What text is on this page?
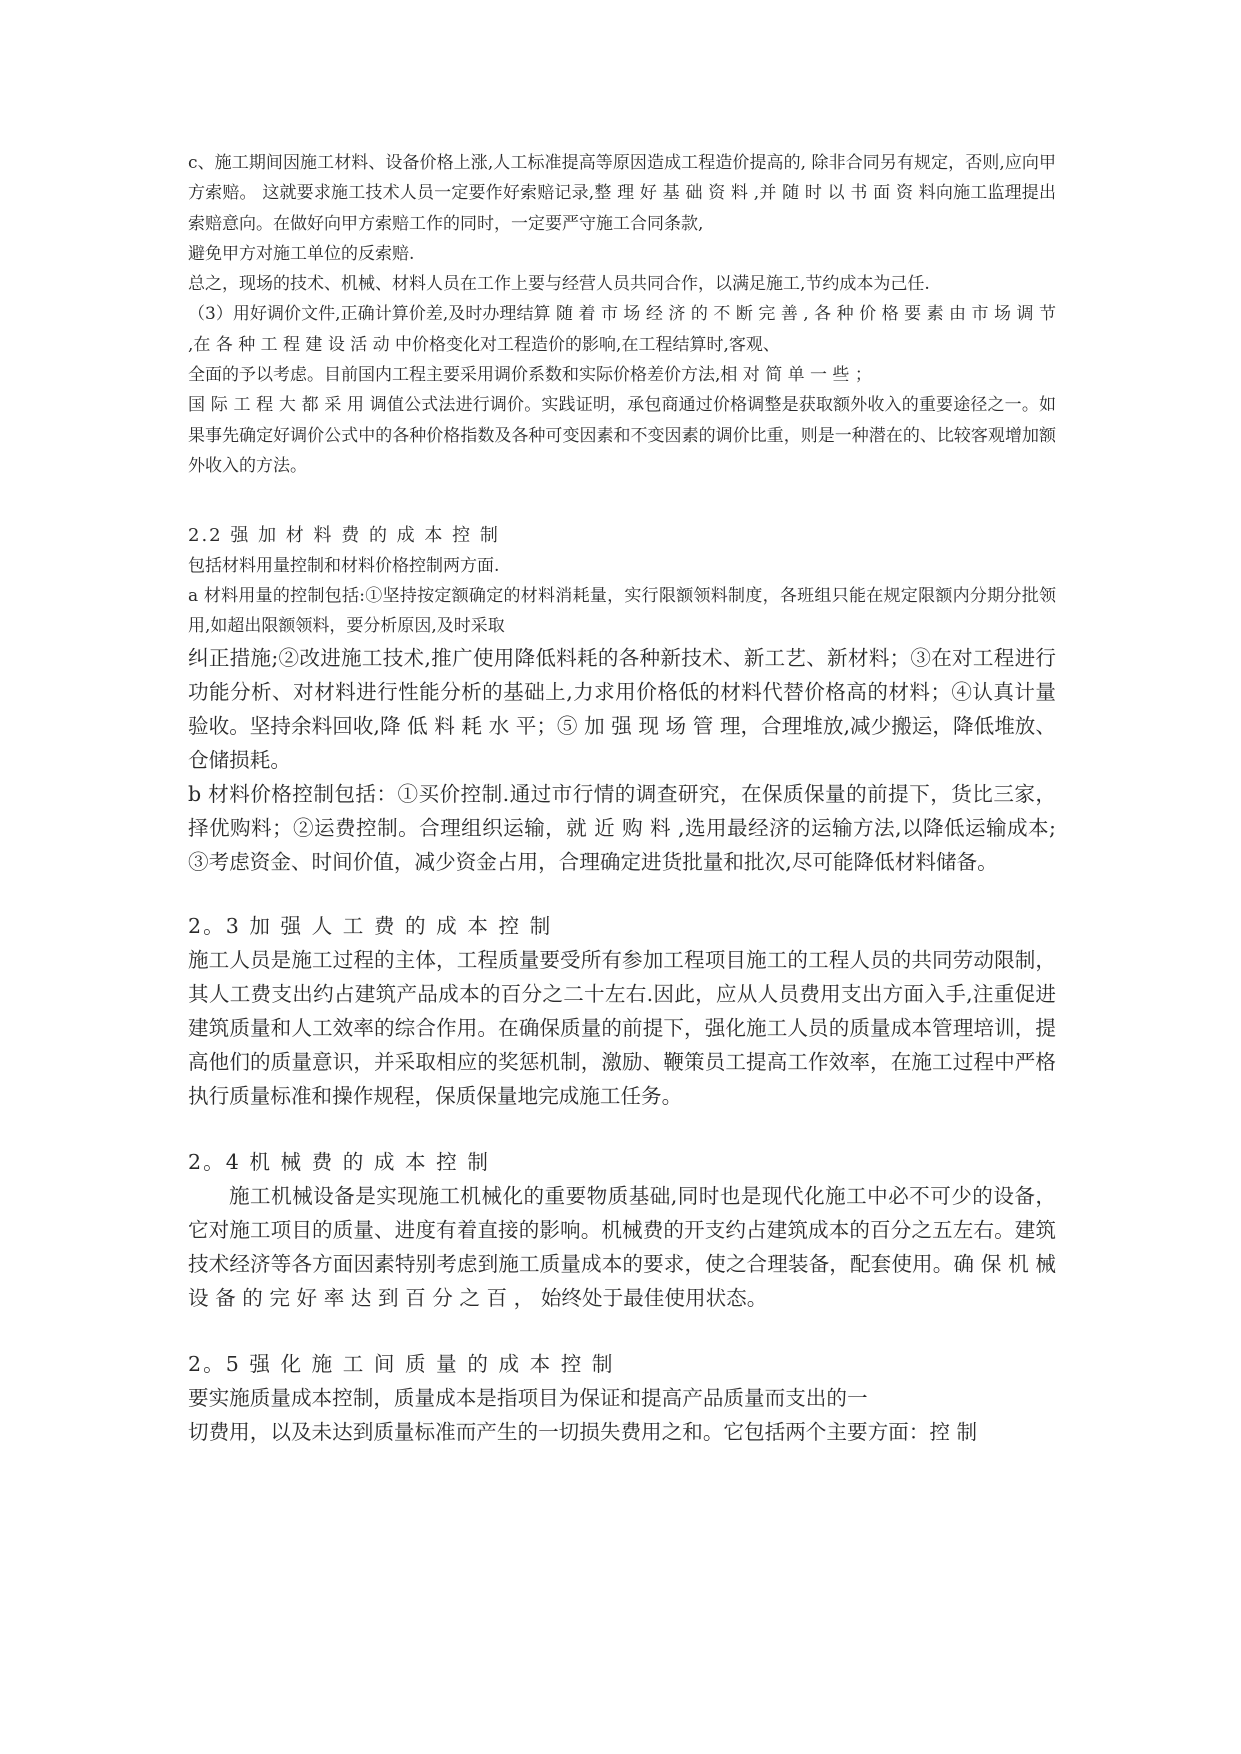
c、施工期间因施工材料、设备价格上涨,人工标准提高等原因造成工程造价提高的, 除非合同另有规定，否则,应向甲方索赔。 这就要求施工技术人员一定要作好索赔记录,整 理 好 基 础 资 料 ,并 随 时 以 书 面 资 料向施工监理提出索赔意向。在做好向甲方索赔工作的同时，一定要严守施工合同条款,

避免甲方对施工单位的反索赔.

总之，现场的技术、机械、材料人员在工作上要与经营人员共同合作，以满足施工,节约成本为己任.

（3）用好调价文件,正确计算价差,及时办理结算 随 着 市 场 经 济 的 不 断 完 善 , 各 种 价 格 要 素 由 市 场 调 节 ,在 各 种 工 程 建 设 活 动 中价格变化对工程造价的影响,在工程结算时,客观、

全面的予以考虑。目前国内工程主要采用调价系数和实际价格差价方法,相 对 简 单 一 些 ；

国 际 工 程 大 都 采 用 调值公式法进行调价。实践证明，承包商通过价格调整是获取额外收入的重要途径之一。如果事先确定好调价公式中的各种价格指数及各种可变因素和不变因素的调价比重，则是一种潜在的、比较客观增加额外收入的方法。

2.2 强 加 材 料 费 的 成 本 控 制

包括材料用量控制和材料价格控制两方面.

a 材料用量的控制包括:①坚持按定额确定的材料消耗量，实行限额领料制度，各班组只能在规定限额内分期分批领用,如超出限额领料，要分析原因,及时采取

纠正措施;②改进施工技术,推广使用降低料耗的各种新技术、新工艺、新材料；③在对工程进行功能分析、对材料进行性能分析的基础上,力求用价格低的材料代替价格高的材料；④认真计量验收。坚持余料回收,降 低 料 耗 水 平；⑤ 加 强 现 场 管 理，合理堆放,减少搬运，降低堆放、仓储损耗。

b 材料价格控制包括：①买价控制.通过市行情的调查研究，在保质保量的前提下，货比三家，择优购料；②运费控制。合理组织运输，就 近 购 料 ,选用最经济的运输方法,以降低运输成本;③考虑资金、时间价值，减少资金占用，合理确定进货批量和批次,尽可能降低材料储备。

2。3 加 强 人 工 费 的 成 本 控 制

施工人员是施工过程的主体，工程质量要受所有参加工程项目施工的工程人员的共同劳动限制，其人工费支出约占建筑产品成本的百分之二十左右.因此，应从人员费用支出方面入手,注重促进建筑质量和人工效率的综合作用。在确保质量的前提下，强化施工人员的质量成本管理培训，提高他们的质量意识，并采取相应的奖惩机制，激励、鞭策员工提高工作效率，在施工过程中严格执行质量标准和操作规程，保质保量地完成施工任务。

2。4 机 械 费 的 成 本 控 制

施工机械设备是实现施工机械化的重要物质基础,同时也是现代化施工中必不可少的设备，它对施工项目的质量、进度有着直接的影响。机械费的开支约占建筑成本的百分之五左右。建筑技术经济等各方面因素特别考虑到施工质量成本的要求，使之合理装备，配套使用。确 保 机 械 设 备 的 完 好 率 达 到 百 分 之 百 ， 始终处于最佳使用状态。

2。5 强 化 施 工 间 质 量 的 成 本 控 制

要实施质量成本控制，质量成本是指项目为保证和提高产品质量而支出的一

切费用，以及未达到质量标准而产生的一切损失费用之和。它包括两个主要方面：控 制
